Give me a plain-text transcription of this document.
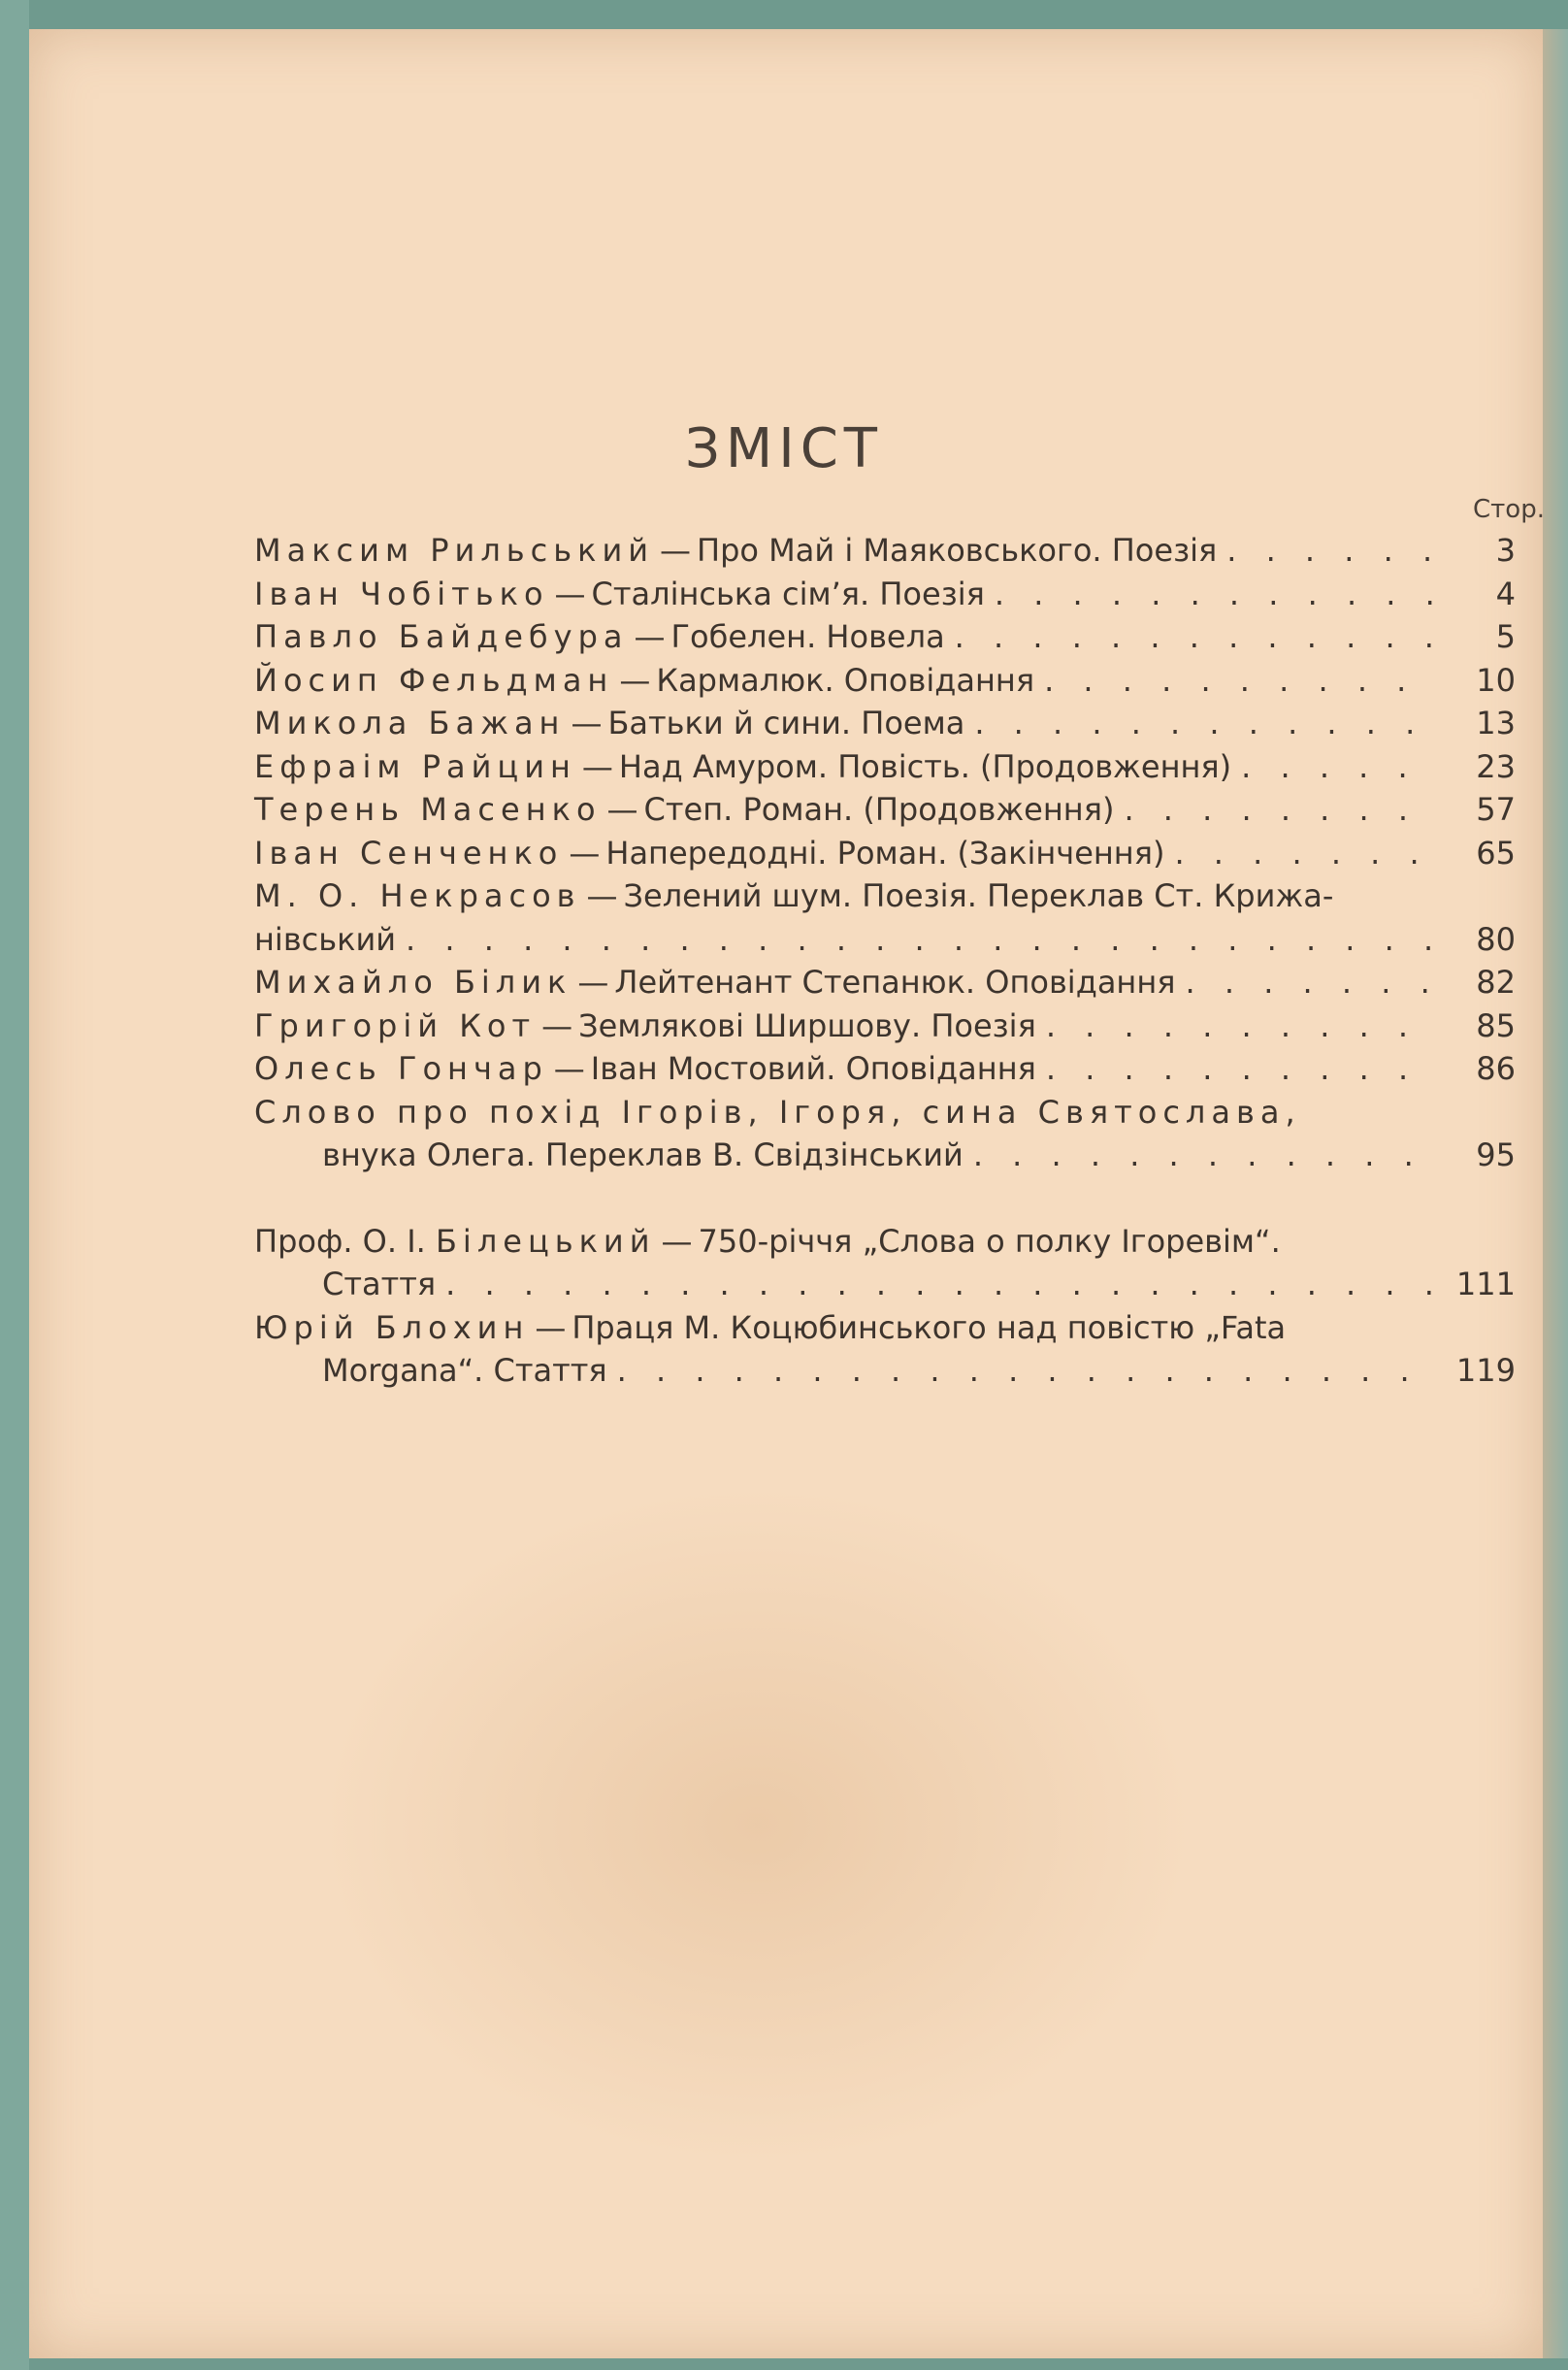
ЗМІСТ
Стор.
Максим Рильський — Про Май і Маяковського. Поезія . . .	3
Іван Чобітько — Сталінська сім’я. Поезія . . .	4
Павло Байдебура — Гобелен. Новела . . .	5
Йосип Фельдман — Кармалюк. Оповідання . . .	10
Микола Бажан — Батьки й сини. Поема . . .	13
Ефраім Райцин — Над Амуром. Повість. (Продовження) . . .	23
Терень Масенко — Степ. Роман. (Продовження) . . .	57
Іван Сенченко — Напередодні. Роман. (Закінчення) . . .	65
М. О. Некрасов — Зелений шум. Поезія. Переклав Ст. Крижа-
нівський . . .	80
Михайло Білик — Лейтенант Степанюк. Оповідання . . .	82
Григорій Кот — Землякові Ширшову. Поезія . . .	85
Олесь Гончар — Іван Мостовий. Оповідання . . .	86
Слово про похід Ігорів, Ігоря, сина Святослава,
внука Олега. Переклав В. Свідзінський . . .	95
Проф. О. І.
Білецький — 750-річчя „Слова о полку Ігоревім“.
Стаття . . .	111
Юрій Блохин — Праця М. Коцюбинського над повістю „Fata
Morgana“. Стаття . . .	119
